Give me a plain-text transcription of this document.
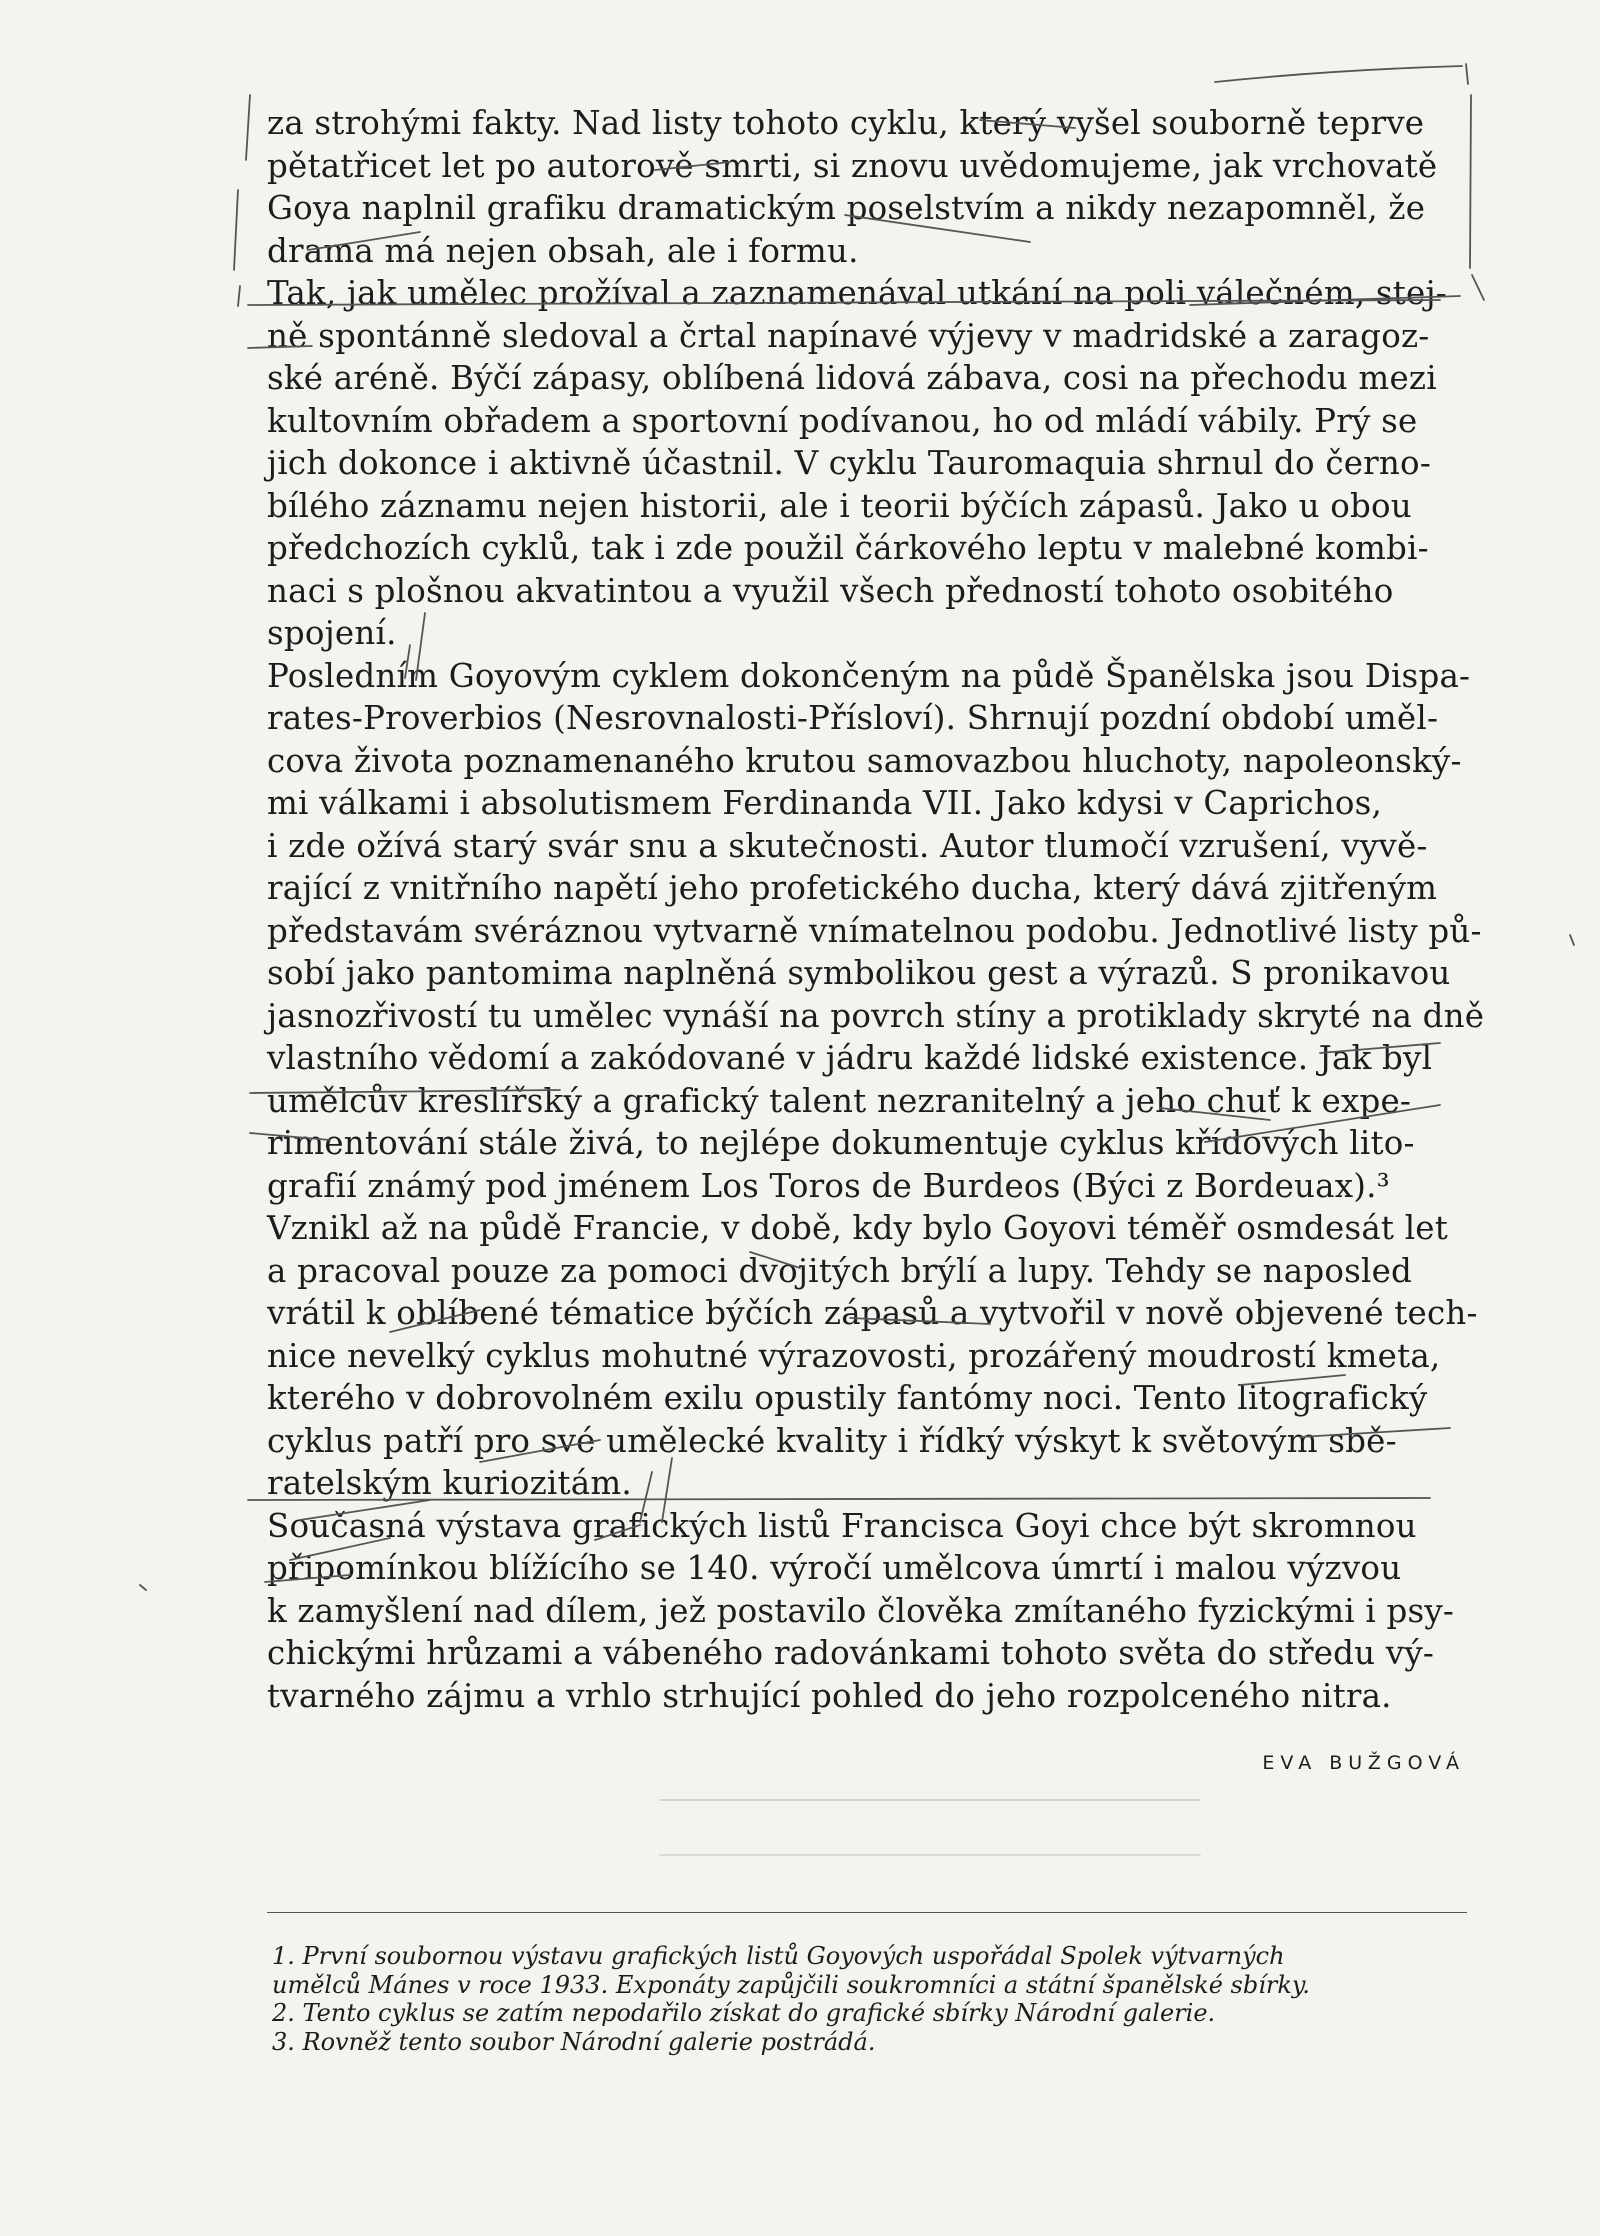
za strohými fakty. Nad listy tohoto cyklu, který vyšel souborně teprve
pětatřicet let po autorově smrti, si znovu uvědomujeme, jak vrchovatě
Goya naplnil grafiku dramatickým poselstvím a nikdy nezapomněl, že
drama má nejen obsah, ale i formu.
Tak, jak umělec prožíval a zaznamenával utkání na poli válečném, stej-
ně spontánně sledoval a črtal napínavé výjevy v madridské a zaragoz-
ské aréně. Býčí zápasy, oblíbená lidová zábava, cosi na přechodu mezi
kultovním obřadem a sportovní podívanou, ho od mládí vábily. Prý se
jich dokonce i aktivně účastnil. V cyklu Tauromaquia shrnul do černo-
bílého záznamu nejen historii, ale i teorii býčích zápasů. Jako u obou
předchozích cyklů, tak i zde použil čárkového leptu v malebné kombi-
naci s plošnou akvatintou a využil všech předností tohoto osobitého
spojení.
Posledním Goyovým cyklem dokončeným na půdě Španělska jsou Dispa-
rates-Proverbios (Nesrovnalosti-Přísloví). Shrnují pozdní období uměl-
cova života poznamenaného krutou samovazbou hluchoty, napoleonský-
mi válkami i absolutismem Ferdinanda VII. Jako kdysi v Caprichos,
i zde ožívá starý svár snu a skutečnosti. Autor tlumočí vzrušení, vyvě-
rající z vnitřního napětí jeho profetického ducha, který dává zjitřeným
představám svéráznou vytvarně vnímatelnou podobu. Jednotlivé listy pů-
sobí jako pantomima naplněná symbolikou gest a výrazů. S pronikavou
jasnozřivostí tu umělec vynáší na povrch stíny a protiklady skryté na dně
vlastního vědomí a zakódované v jádru každé lidské existence. Jak byl
umělcův kreslířský a grafický talent nezranitelný a jeho chuť k expe-
rimentování stále živá, to nejlépe dokumentuje cyklus křídových lito-
grafií známý pod jménem Los Toros de Burdeos (Býci z Bordeuax).³
Vznikl až na půdě Francie, v době, kdy bylo Goyovi téměř osmdesát let
a pracoval pouze za pomoci dvojitých brýlí a lupy. Tehdy se naposled
vrátil k oblíbené tématice býčích zápasů a vytvořil v nově objevené tech-
nice nevelký cyklus mohutné výrazovosti, prozářený moudrostí kmeta,
kterého v dobrovolném exilu opustily fantómy noci. Tento litografický
cyklus patří pro své umělecké kvality i řídký výskyt k světovým sbě-
ratelským kuriozitám.
Současná výstava grafických listů Francisca Goyi chce být skromnou
připomínkou blížícího se 140. výročí umělcova úmrtí i malou výzvou
k zamyšlení nad dílem, jež postavilo člověka zmítaného fyzickými i psy-
chickými hrůzami a vábeného radovánkami tohoto světa do středu vý-
tvarného zájmu a vrhlo strhující pohled do jeho rozpolceného nitra.
EVA BUŽGOVÁ
1. První soubornou výstavu grafických listů Goyových uspořádal Spolek výtvarných
umělců Mánes v roce 1933. Exponáty zapůjčili soukromníci a státní španělské sbírky.
2. Tento cyklus se zatím nepodařilo získat do grafické sbírky Národní galerie.
3. Rovněž tento soubor Národní galerie postrádá.
